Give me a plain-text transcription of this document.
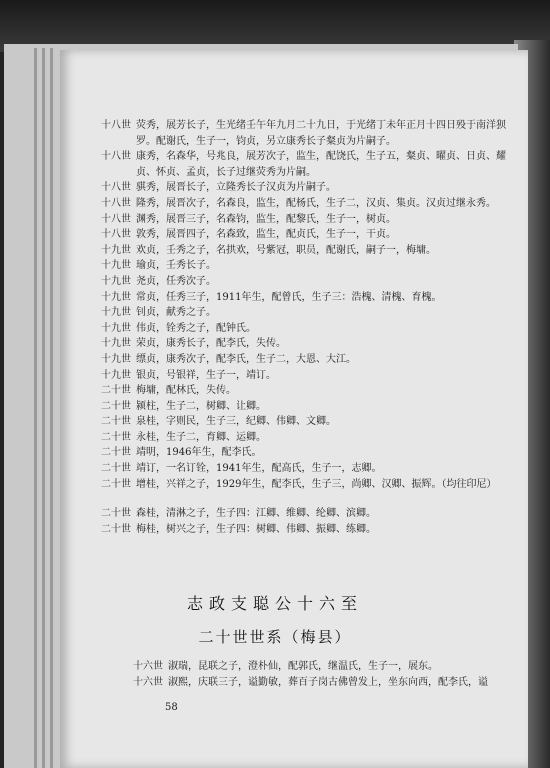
十八世 荧秀，展芳长子，生光绪壬午年九月二十九日，于光绪丁未年正月十四日殁于南洋狈罗。配谢氏，生子一，钧贞，另立康秀长子粲贞为片嗣子。
十八世 康秀，名森华，号兆良，展芳次子，监生，配饶氏，生子五，粲贞、曜贞、日贞、耀贞、怀贞、孟贞，长子过继荧秀为片嗣。
十八世 骐秀，展晋长子，立隆秀长子汉贞为片嗣子。
十八世 隆秀，展晋次子，名森良，监生，配杨氏，生子二，汉贞、集贞。汉贞过继永秀。
十八世 渊秀，展晋三子，名森钧，监生，配黎氏，生子一，树贞。
十八世 敦秀，展晋四子，名森致，监生，配贞氏，生子一，干贞。
十九世 欢贞，壬秀之子，名拱欢，号紫冠，职员，配谢氏，嗣子一，梅墉。
十九世 瑜贞，壬秀长子。
十九世 尧贞，任秀次子。
十九世 常贞，任秀三子，1911年生，配曾氏，生子三：浩槐、清槐、育槐。
十九世 钊贞，献秀之子。
十九世 伟贞，铨秀之子，配钟氏。
十九世 荣贞，康秀长子，配李氏，失传。
十九世 缥贞，康秀次子，配李氏，生子二，大恩、大江。
十九世 银贞，号银祥，生子一，靖订。
二十世 梅墉，配林氏，失传。
二十世 颍柱，生子二，树卿、让卿。
二十世 泉桂，字则民，生子三，纪卿、伟卿、文卿。
二十世 永桂，生子二，育卿、运卿。
二十世 靖明，1946年生，配李氏。
二十世 靖订，一名订铨，1941年生，配高氏，生子一，志卿。
二十世 增桂，兴祥之子，1929年生，配李氏，生子三，尚卿、汉卿、振辉。（均往印尼）
二十世 森桂，清淋之子，生子四：江卿、维卿、纶卿、滨卿。
二十世 梅桂，树兴之子，生子四：树卿、伟卿、振卿、练卿。
志政支聪公十六至
二十世世系（梅县）
十六世 淑瑞，昆联之子，澄朴仙，配郭氏，继温氏，生子一，展东。
十六世 淑熙，庆联三子，谥勤敏，葬百子岗古佛曾发上，坐东向西，配李氏，谥
58
